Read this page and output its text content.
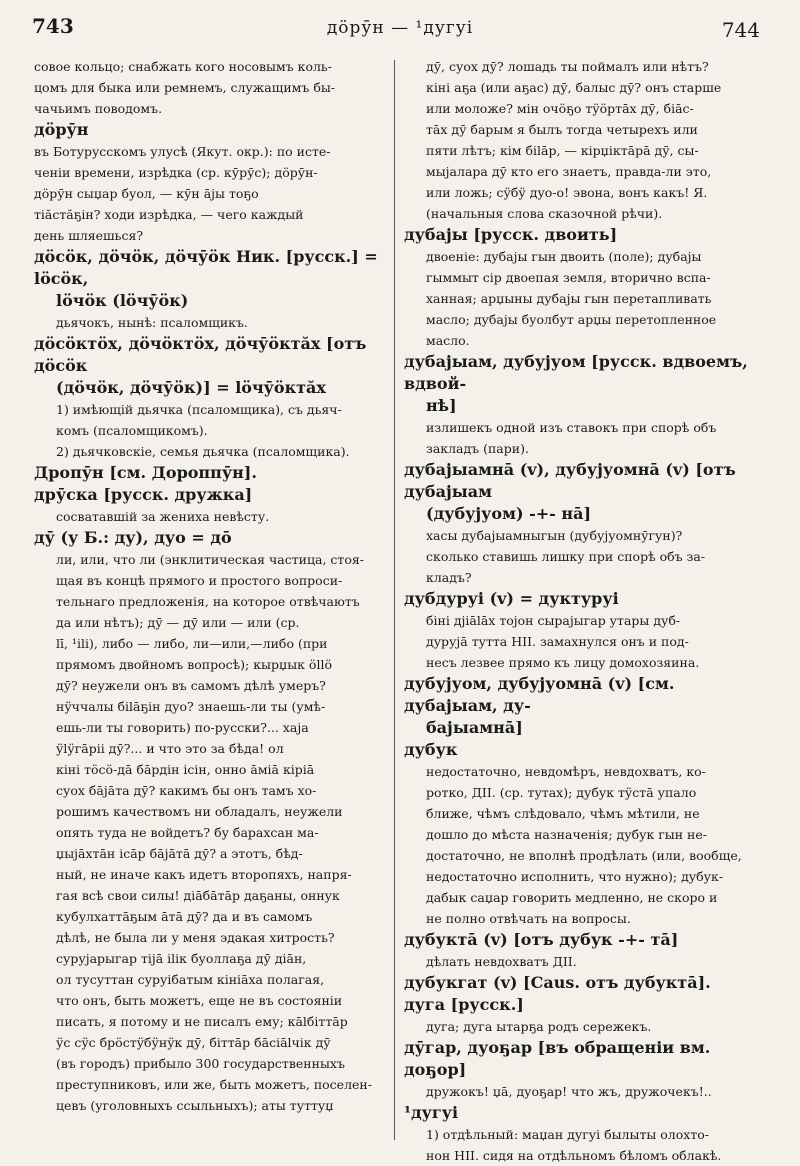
743	дӧрӯн — ¹дугуі	744
совое кольцо; снабжать кого носовымъ коль-
цомъ для быка или ремнемъ, служащимъ бы-
чачьимъ поводомъ.
дӧрӯн
въ Ботурусскомъ улусѣ (Якут. окр.): по исте-
ченіи времени, изрѣдка (ср. кӯрӯс); дӧрӯн-
дӧрӯн сыџар буол, — кӯн ājы тоҕо
тіăстăҕін? ходи изрѣдка, — чего каждый
день шляешься?
дӧсӧк, дӧчӧк, дӧчӯӧк Ник. [русск.] = lӧсӧк,
lӧчӧк (lӧчӯӧк)
дьячокъ, нынѣ: псаломщикъ.
дӧсӧктӧх, дӧчӧктӧх, дӧчӯӧктăх [отъ дӧсӧк
(дӧчӧк, дӧчӯӧк)] = lӧчӯӧктăх
1) имѣющій дьячка (псаломщика), съ дьяч-
комъ (псаломщикомъ).
2) дьячковскіе, семья дьячка (псаломщика).
Дропӯн [см. Дороппӯн].
дрӯска [русск. дружка]
сосватавшій за жениха невѣсту.
дӯ (у Б.: ду), дуо = дō
ли, или, что ли (энклитическая частица, стоя-
щая въ концѣ прямого и простого вопроси-
тельнаго предложенія, на которое отвѣчаютъ
да или нѣтъ); дӯ — дӯ или — или (ср.
lī, ¹ili), либо — либо, ли—или,—либо (при
прямомъ двойномъ вопросѣ); кырџык ӧllӧ
дӯ? неужели онъ въ самомъ дѣлѣ умеръ?
нӱччалы біlāҕін дуо? знаешь-ли ты (умѣ-
ешь-ли ты говорить) по-русски?... хаја
ӱlӱгāріі дӯ?... и что это за бѣда! ол
кіні тӧсӧ-дā бāрдін ісін, онно āміā кіріā
суох бājāта дӯ? какимъ бы онъ тамъ хо-
рошимъ качествомъ ни обладалъ, неужели
опять туда не войдетъ? бу барахсан ма-
џыjāхтāн ісāр бājāтā дӯ? а этотъ, бѣд-
ный, не иначе какъ идетъ второпяхъ, напря-
гая всѣ свои силы! діāбāтāр даҕаны, оннук
кубулхаттāҕым āтā дӯ? да и въ самомъ
дѣлѣ, не была ли у меня эдакая хитрость?
сурујарыгар тіjā ilік буоллаҕа дӯ діāн,
ол тусуттан суруібатым кініāха полагая,
что онъ, быть можетъ, еще не въ состояніи
писать, я потому и не писалъ ему; кālбіттāр
ӱс сӱс брӧстӱбӱнӱк дӯ, біттāр бāсіālчік дӯ
(въ городъ) прибыло 300 государственныхъ
преступниковъ, или же, быть можетъ, поселен-
цевъ (уголовныхъ ссыльныхъ); аты туттуџ
дӯ, суох дӯ? лошадь ты поймалъ или нѣтъ?
кіні аҕа (или аҕас) дӯ, балыс дӯ? онъ старше
или моложе? мін очӧҕо тӱӧртāх дӯ, біāс-
тāх дӯ барым я былъ тогда четырехъ или
пяти лѣтъ; кім біlāр, — кірџіктāрā дӯ, сы-
мыјалара дӯ кто его знаетъ, правда-ли это,
или ложь; сӱбӱ дуо-о! эвона, вонъ какъ! Я.
(начальныя слова сказочной рѣчи).
дубаjы [русск. двоить]
двоеніе: дубаjы гын двоить (поле); дубаjы
гыммыт сір двоепая земля, вторично вспа-
ханная; арџыны дубаjы гын перетапливать
масло; дубаjы буолбут арџы перетопленное
масло.
дубаjыам, дубуjуом [русск. вдвоемъ, вдвой-
нѣ]
излишекъ одной изъ ставокъ при спорѣ объ
закладъ (пари).
дубаjыамнā (v), дубуjуомнā (v) [отъ дубаjыам
(дубуjуом) -+- нā]
хасы дубаjыамныгын (дубуjуомнӯгун)?
сколько ставишь лишку при спорѣ объ за-
кладъ?
дубдуруі (v) = дуктуруі
біні дjіālāх тоjон сыраjыгар утары дуб-
дурујā тутта НІІ. замахнулся онъ и под-
несъ лезвее прямо къ лицу домохозяина.
дубуjуом, дубуjуомнā (v) [см. дубаjыам, ду-
баjыамнā]
дубук
недостаточно, невдомѣръ, невдохватъ, ко-
ротко, ДІІ. (ср. тутах); дубук тӱстā упало
ближе, чѣмъ слѣдовало, чѣмъ мѣтили, не
дошло до мѣста назначенія; дубук гын не-
достаточно, не вполнѣ продѣлать (или, вообще,
недостаточно исполнить, что нужно); дубук-
дабык саџар говорить медленно, не скоро и
не полно отвѣчать на вопросы.
дубуктā (v) [отъ дубук -+- тā]
дѣлать невдохватъ ДІІ.
дубукгат (v) [Caus. отъ дубуктā].
дуга [русск.]
дуга; дуга ытарҕа родъ сережекъ.
дӯгар, дуоҕар [въ обращеніи вм. доҕор]
дружокъ! џā, дуоҕар! что жъ, дружочекъ!..
¹дугуі
1) отдѣльный: маџан дугуі былыты олохто-
нон НІІ. сидя на отдѣльномъ бѣломъ облакѣ.
